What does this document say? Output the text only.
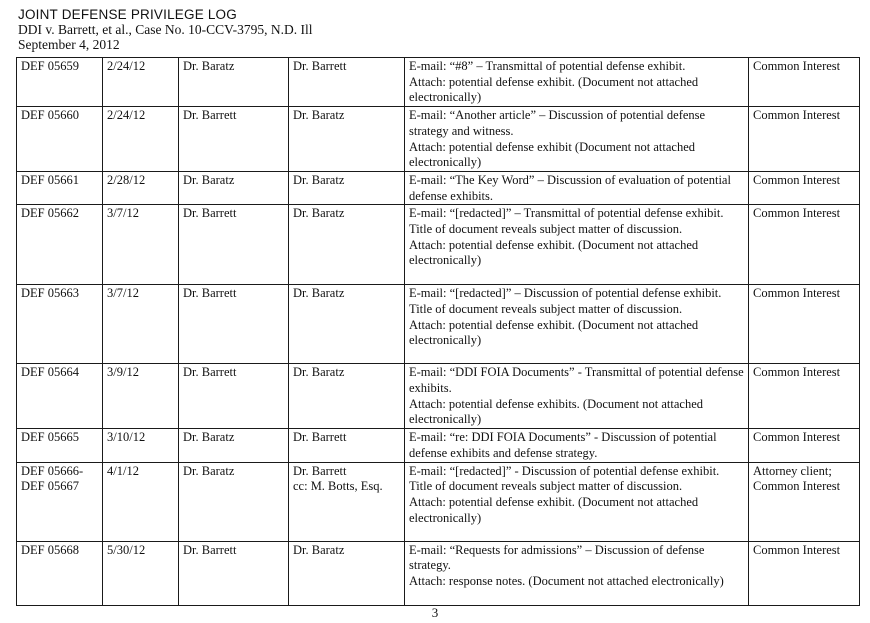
JOINT DEFENSE PRIVILEGE LOG
DDI v. Barrett, et al., Case No. 10-CCV-3795, N.D. Ill
September 4, 2012
DEF 05659	2/24/12	Dr. Baratz	Dr. Barrett	E-mail: “#8” – Transmittal of potential defense exhibit.
Attach: potential defense exhibit. (Document not attached electronically)	Common Interest
DEF 05660	2/24/12	Dr. Barrett	Dr. Baratz	E-mail: “Another article” – Discussion of potential defense strategy and witness.
Attach: potential defense exhibit (Document not attached electronically)	Common Interest
DEF 05661	2/28/12	Dr. Baratz	Dr. Baratz	E-mail: “The Key Word” – Discussion of evaluation of potential defense exhibits.	Common Interest
DEF 05662	3/7/12	Dr. Barrett	Dr. Baratz	E-mail: “[redacted]” – Transmittal of potential defense exhibit. Title of document reveals subject matter of discussion.
Attach: potential defense exhibit. (Document not attached electronically)	Common Interest
DEF 05663	3/7/12	Dr. Barrett	Dr. Baratz	E-mail: “[redacted]” – Discussion of potential defense exhibit. Title of document reveals subject matter of discussion.
Attach: potential defense exhibit. (Document not attached electronically)	Common Interest
DEF 05664	3/9/12	Dr. Barrett	Dr. Baratz	E-mail: “DDI FOIA Documents” - Transmittal of potential defense exhibits.
Attach: potential defense exhibits. (Document not attached electronically)	Common Interest
DEF 05665	3/10/12	Dr. Baratz	Dr. Barrett	E-mail: “re: DDI FOIA Documents” - Discussion of potential defense exhibits and defense strategy.	Common Interest
DEF 05666-
DEF 05667	4/1/12	Dr. Baratz	Dr. Barrett
cc: M. Botts, Esq.	E-mail: “[redacted]” - Discussion of potential defense exhibit. Title of document reveals subject matter of discussion.
Attach: potential defense exhibit. (Document not attached electronically)	Attorney client;
Common Interest
DEF 05668	5/30/12	Dr. Barrett	Dr. Baratz	E-mail: “Requests for admissions” – Discussion of defense strategy.
Attach: response notes. (Document not attached electronically)	Common Interest
3
